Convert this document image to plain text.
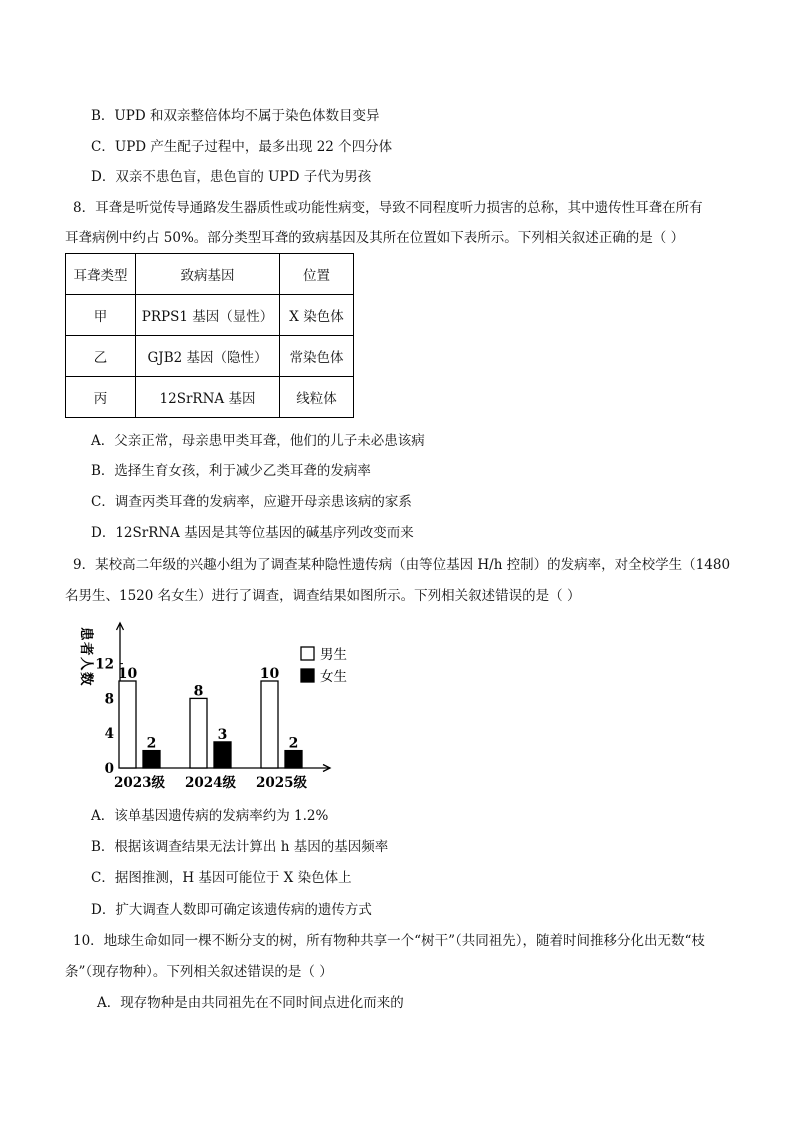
B．UPD 和双亲整倍体均不属于染色体数目变异
C．UPD 产生配子过程中，最多出现 22 个四分体
D．双亲不患色盲，患色盲的 UPD 子代为男孩
8．耳聋是听觉传导通路发生器质性或功能性病变，导致不同程度听力损害的总称，其中遗传性耳聋在所有
耳聋病例中约占 50%。部分类型耳聋的致病基因及其所在位置如下表所示。下列相关叙述正确的是（ ）
耳聋类型	致病基因	位置
甲	PRPS1 基因（显性）	X 染色体
乙	GJB2 基因（隐性）	常染色体
丙	12SrRNA 基因	线粒体
A．父亲正常，母亲患甲类耳聋，他们的儿子未必患该病
B．选择生育女孩，利于减少乙类耳聋的发病率
C．调查丙类耳聋的发病率，应避开母亲患该病的家系
D．12SrRNA 基因是其等位基因的碱基序列改变而来
9．某校高二年级的兴趣小组为了调查某种隐性遗传病（由等位基因 H/h 控制）的发病率，对全校学生（1480
名男生、1520 名女生）进行了调查，调查结果如图所示。下列相关叙述错误的是（ ）
患
者
人
数
0
4
8
12
10
2
8
3
10
2
2023级 2024级 2025级
男生
女生
A．该单基因遗传病的发病率约为 1.2%
B．根据该调查结果无法计算出 h 基因的基因频率
C．据图推测，H 基因可能位于 X 染色体上
D．扩大调查人数即可确定该遗传病的遗传方式
10．地球生命如同一棵不断分支的树，所有物种共享一个“树干”（共同祖先），随着时间推移分化出无数“枝
条”（现存物种）。下列相关叙述错误的是（ ）
A．现存物种是由共同祖先在不同时间点进化而来的
